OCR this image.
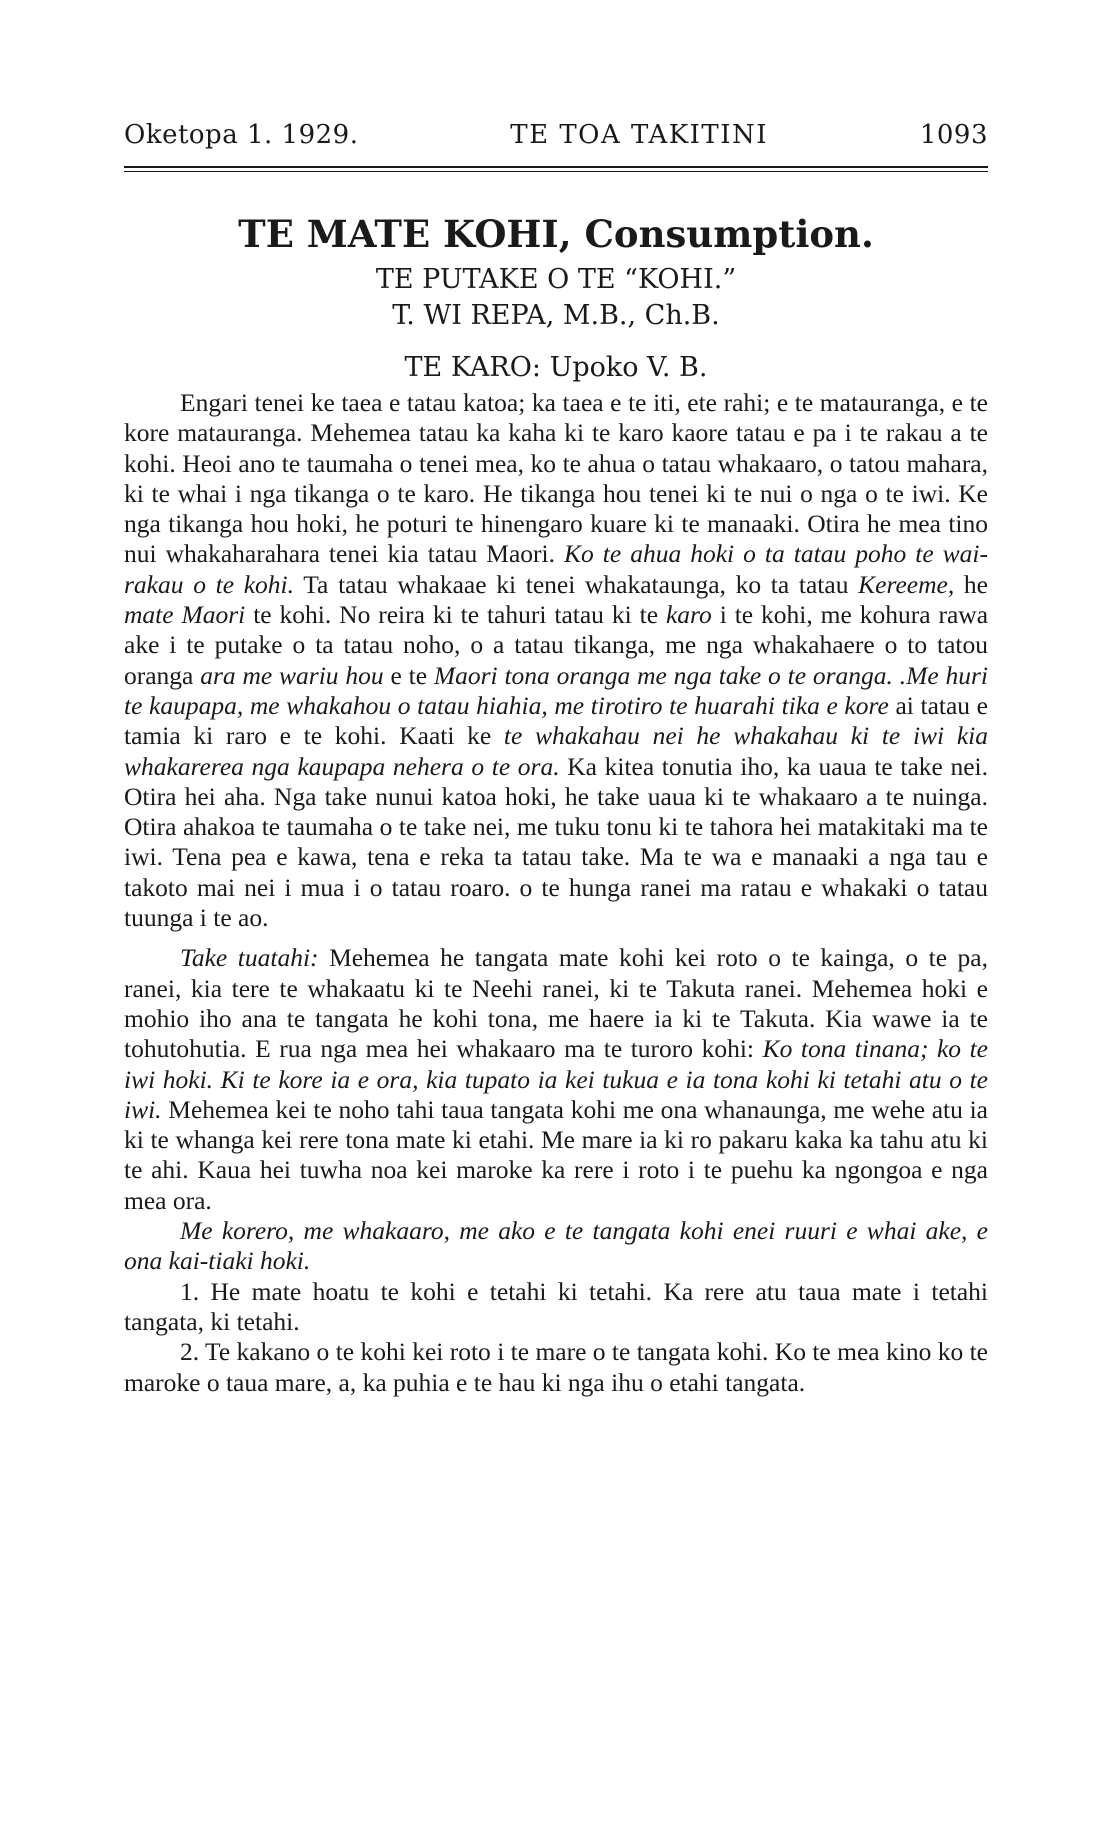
Oketopa 1. 1929.	TE TOA TAKITINI	1093
TE MATE KOHI, Consumption.
TE PUTAKE O TE “KOHI.”
T. WI REPA, M.B., Ch.B.
TE KARO: Upoko V. B.

Engari tenei ke taea e tatau katoa; ka taea e te iti, ete rahi; e te matauranga, e te kore matauranga. Mehemea tatau ka kaha ki te karo kaore tatau e pa i te rakau a te kohi. Heoi ano te taumaha o tenei mea, ko te ahua o tatau whakaaro, o tatou mahara, ki te whai i nga tikanga o te karo. He tikanga hou tenei ki te nui o nga o te iwi. Ke nga tikanga hou hoki, he poturi te hinengaro kuare ki te manaaki. Otira he mea tino nui whakaharahara tenei kia tatau Maori. Ko te ahua hoki o ta tatau poho te wai-rakau o te kohi. Ta tatau whakaae ki tenei whakataunga, ko ta tatau Kereeme, he mate Maori te kohi. No reira ki te tahuri tatau ki te karo i te kohi, me kohura rawa ake i te putake o ta tatau noho, o a tatau tikanga, me nga whakahaere o to tatou oranga ara me wariu hou e te Maori tona oranga me nga take o te oranga. .Me huri te kaupapa, me whakahou o tatau hiahia, me tirotiro te huarahi tika e kore ai tatau e tamia ki raro e te kohi. Kaati ke te whakahau nei he whakahau ki te iwi kia whakarerea nga kaupapa nehera o te ora. Ka kitea tonutia iho, ka uaua te take nei. Otira hei aha. Nga take nunui katoa hoki, he take uaua ki te whakaaro a te nuinga. Otira ahakoa te taumaha o te take nei, me tuku tonu ki te tahora hei matakitaki ma te iwi. Tena pea e kawa, tena e reka ta tatau take. Ma te wa e manaaki a nga tau e takoto mai nei i mua i o tatau roaro. o te hunga ranei ma ratau e whakaki o tatau tuunga i te ao.

Take tuatahi: Mehemea he tangata mate kohi kei roto o te kainga, o te pa, ranei, kia tere te whakaatu ki te Neehi ranei, ki te Takuta ranei. Mehemea hoki e mohio iho ana te tangata he kohi tona, me haere ia ki te Takuta. Kia wawe ia te tohutohutia. E rua nga mea hei whakaaro ma te turoro kohi: Ko tona tinana; ko te iwi hoki. Ki te kore ia e ora, kia tupato ia kei tukua e ia tona kohi ki tetahi atu o te iwi. Mehemea kei te noho tahi taua tangata kohi me ona whanaunga, me wehe atu ia ki te whanga kei rere tona mate ki etahi. Me mare ia ki ro pakaru kaka ka tahu atu ki te ahi. Kaua hei tuwha noa kei maroke ka rere i roto i te puehu ka ngongoa e nga mea ora.

Me korero, me whakaaro, me ako e te tangata kohi enei ruuri e whai ake, e ona kai-tiaki hoki.

1. He mate hoatu te kohi e tetahi ki tetahi. Ka rere atu taua mate i tetahi tangata, ki tetahi.

2. Te kakano o te kohi kei roto i te mare o te tangata kohi. Ko te mea kino ko te maroke o taua mare, a, ka puhia e te hau ki nga ihu o etahi tangata.
